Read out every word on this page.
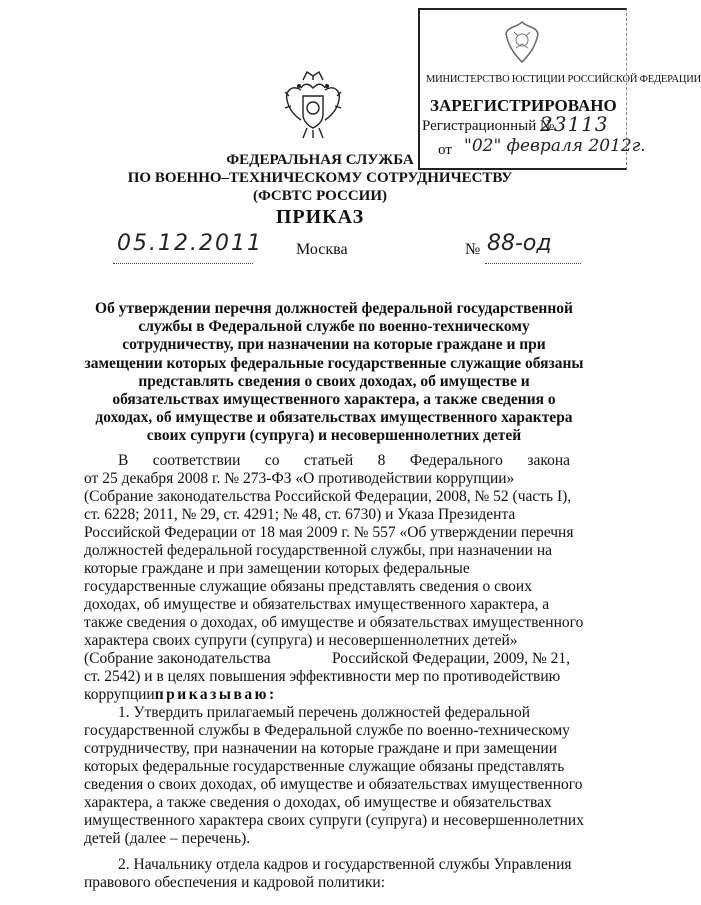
МИНИСТЕРСТВО ЮСТИЦИИ РОССИЙСКОЙ ФЕДЕРАЦИИ
ЗАРЕГИСТРИРОВАНО
Регистрационный №
23113
от "02" февраля 2012г.
ФЕДЕРАЛЬНАЯ СЛУЖБА
ПО ВОЕННО–ТЕХНИЧЕСКОМУ СОТРУДНИЧЕСТВУ
(ФСВТС РОССИИ)
ПРИКАЗ
05.12.2011 Москва	№ 88-од
Об утверждении перечня должностей федеральной государственной
службы в Федеральной службе по военно-техническому
сотрудничеству, при назначении на которые граждане и при
замещении которых федеральные государственные служащие обязаны
представлять сведения о своих доходах, об имуществе и
обязательствах имущественного характера, а также сведения о
доходах, об имуществе и обязательствах имущественного характера
своих супруги (супруга) и несовершеннолетних детей
В соответствии со статьей 8 Федерального закона
от 25 декабря 2008 г. № 273-ФЗ «О противодействии коррупции»
(Собрание законодательства Российской Федерации, 2008, № 52 (часть I),
ст. 6228; 2011, № 29, ст. 4291; № 48, ст. 6730) и Указа Президента
Российской Федерации от 18 мая 2009 г. № 557 «Об утверждении перечня
должностей федеральной государственной службы, при назначении на
которые граждане и при замещении которых федеральные
государственные служащие обязаны представлять сведения о своих
доходах, об имуществе и обязательствах имущественного характера, а
также сведения о доходах, об имуществе и обязательствах имущественного
характера своих супруги (супруга) и несовершеннолетних детей»
(Собрание законодательства	Российской Федерации, 2009, № 21,
ст. 2542) и в целях повышения эффективности мер по противодействию
коррупцииприказываю:
1. Утвердить прилагаемый перечень должностей федеральной
государственной службы в Федеральной службе по военно-техническому
сотрудничеству, при назначении на которые граждане и при замещении
которых федеральные государственные служащие обязаны представлять
сведения о своих доходах, об имуществе и обязательствах имущественного
характера, а также сведения о доходах, об имуществе и обязательствах
имущественного характера своих супруги (супруга) и несовершеннолетних
детей (далее – перечень).
2. Начальнику отдела кадров и государственной службы Управления
правового обеспечения и кадровой политики:
